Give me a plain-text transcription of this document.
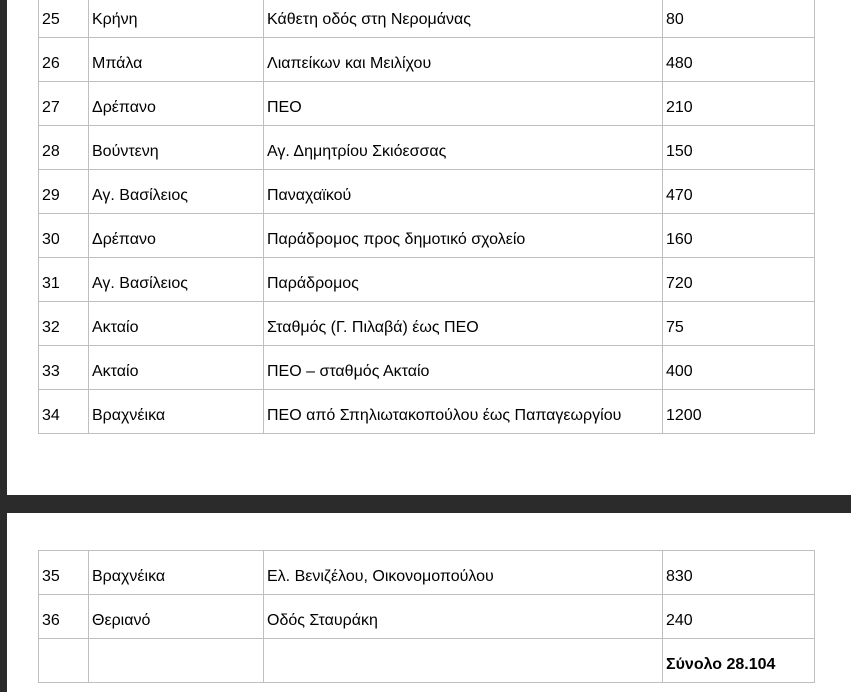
25	Κρήνη	Κάθετη οδός στη Νερομάνας	80

26	Μπάλα	Λιαπείκων και Μειλίχου	480

27	Δρέπανο	ΠΕΟ	210

28	Βούντενη	Αγ. Δημητρίου Σκιόεσσας	150

29	Αγ. Βασίλειος	Παναχαϊκού	470

30	Δρέπανο	Παράδρομος προς δημοτικό σχολείο	160

31	Αγ. Βασίλειος	Παράδρομος	720

32	Ακταίο	Σταθμός (Γ. Πιλαβά) έως ΠΕΟ	75

33	Ακταίο	ΠΕΟ – σταθμός Ακταίο	400

34	Βραχνέικα	ΠΕΟ από Σπηλιωτακοπούλου έως Παπαγεωργίου	1200
35	Βραχνέικα	Ελ. Βενιζέλου, Οικονομοπούλου	830

36	Θεριανό	Οδός Σταυράκη	240

			Σύνολο 28.104
